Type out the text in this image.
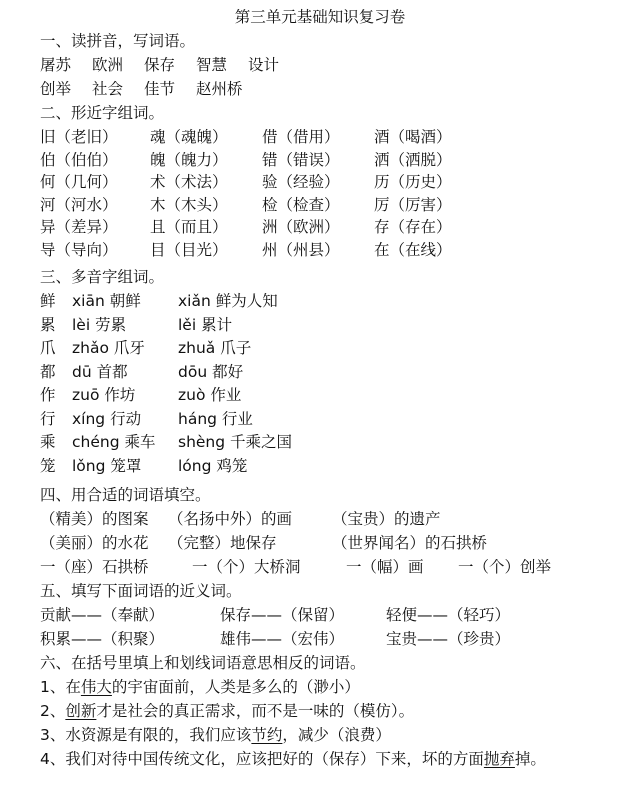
第三单元基础知识复习卷
一、读拼音，写词语。
屠苏 欧洲 保存 智慧 设计
创举 社会 佳节 赵州桥
二、形近字组词。
旧（老旧） 魂（魂魄） 借（借用） 酒（喝酒）
伯（伯伯） 魄（魄力） 错（错误） 洒（洒脱）
何（几何） 术（术法） 验（经验） 历（历史）
河（河水） 木（木头） 检（检查） 厉（厉害）
异（差异） 且（而且） 洲（欧洲） 存（存在）
导（导向） 目（目光） 州（州县） 在（在线）
三、多音字组词。
鲜 xiān 朝鲜 xiǎn 鲜为人知
累 lèi 劳累	lěi 累计
爪 zhǎo 爪牙 zhuǎ 爪子
都 dū 首都	dōu 都好
作 zuō 作坊	zuò 作业
行 xíng 行动 háng 行业
乘 chéng 乘车 shèng 千乘之国
笼 lǒng 笼罩 lóng 鸡笼
四、用合适的词语填空。
（精美）的图案 （名扬中外）的画	（宝贵）的遗产
（美丽）的水花 （完整）地保存	（世界闻名）的石拱桥
一（座）石拱桥	一（个）大桥洞	一（幅）画 一（个）创举
五、填写下面词语的近义词。
贡献——（奉献）	保存——（保留）	轻便——（轻巧）
积累——（积聚）	雄伟——（宏伟）	宝贵——（珍贵）
六、在括号里填上和划线词语意思相反的词语。
1、在伟大的宇宙面前，人类是多么的（渺小）
2、创新才是社会的真正需求，而不是一味的（模仿）。
3、水资源是有限的，我们应该节约，减少（浪费）
4、我们对待中国传统文化，应该把好的（保存）下来，坏的方面抛弃掉。
